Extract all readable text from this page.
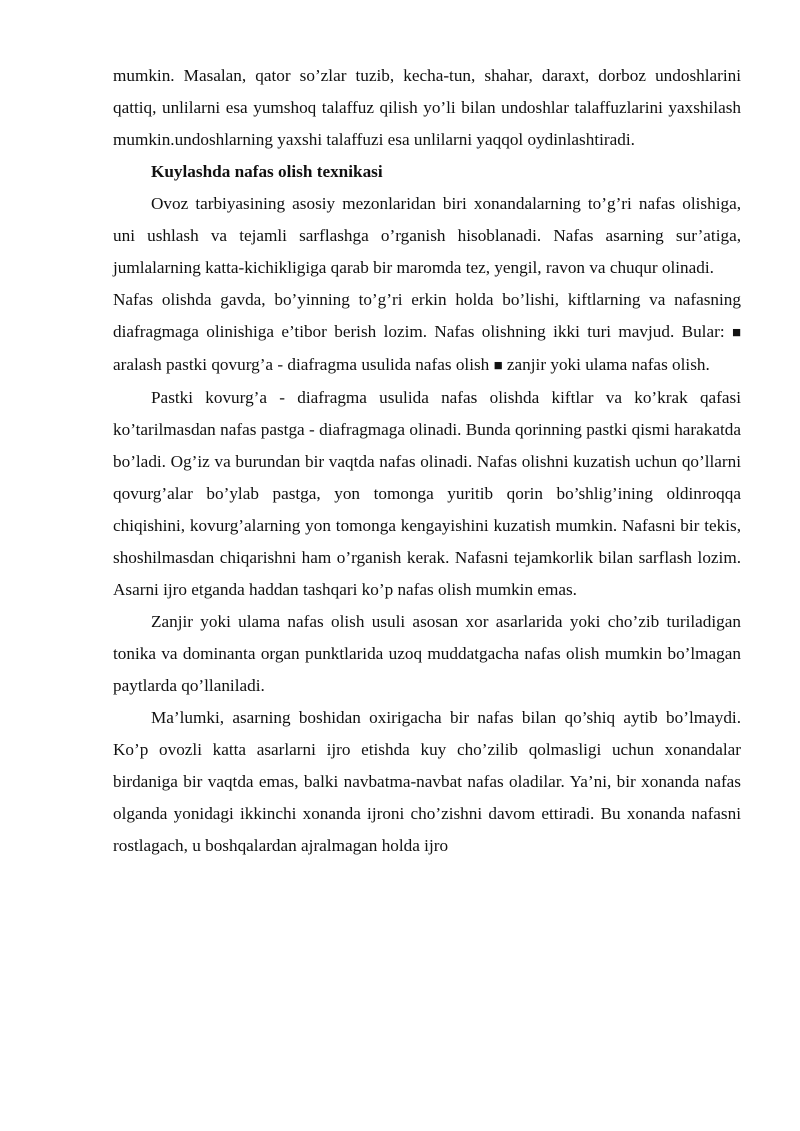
mumkin. Masalan, qator so’zlar tuzib, kecha-tun, shahar, daraxt, dorboz undoshlarini qattiq, unlilarni esa yumshoq talaffuz qilish yo’li bilan undoshlar talaffuzlarini yaxshilash mumkin.undoshlarning yaxshi talaffuzi esa unlilarni yaqqol oydinlashtiradi.

Kuylashda nafas olish texnikasi

Ovoz tarbiyasining asosiy mezonlaridan biri xonandalarning to’g’ri nafas olishiga, uni ushlash va tejamli sarflashga o’rganish hisoblanadi. Nafas asarning sur’atiga, jumlalarning katta-kichikligiga qarab bir maromda tez, yengil, ravon va chuqur olinadi.

Nafas olishda gavda, bo’yinning to’g’ri erkin holda bo’lishi, kiftlarning va nafasning diafragmaga olinishiga e’tibor berish lozim. Nafas olishning ikki turi mavjud. Bular: ■ aralash pastki qovurg’a - diafragma usulida nafas olish ■ zanjir yoki ulama nafas olish.

Pastki kovurg’a - diafragma usulida nafas olishda kiftlar va ko’krak qafasi ko’tarilmasdan nafas pastga - diafragmaga olinadi. Bunda qorinning pastki qismi harakatda bo’ladi. Og’iz va burundan bir vaqtda nafas olinadi. Nafas olishni kuzatish uchun qo’llarni qovurg’alar bo’ylab pastga, yon tomonga yuritib qorin bo’shlig’ining oldinroqqa chiqishini, kovurg’alarning yon tomonga kengayishini kuzatish mumkin. Nafasni bir tekis, shoshilmasdan chiqarishni ham o’rganish kerak. Nafasni tejamkorlik bilan sarflash lozim. Asarni ijro etganda haddan tashqari ko’p nafas olish mumkin emas.

Zanjir yoki ulama nafas olish usuli asosan xor asarlarida yoki cho’zib turiladigan tonika va dominanta organ punktlarida uzoq muddatgacha nafas olish mumkin bo’lmagan paytlarda qo’llaniladi.

Ma’lumki, asarning boshidan oxirigacha bir nafas bilan qo’shiq aytib bo’lmaydi. Ko’p ovozli katta asarlarni ijro etishda kuy cho’zilib qolmasligi uchun xonandalar birdaniga bir vaqtda emas, balki navbatma-navbat nafas oladilar. Ya’ni, bir xonanda nafas olganda yonidagi ikkinchi xonanda ijroni cho’zishni davom ettiradi. Bu xonanda nafasni rostlagach, u boshqalardan ajralmagan holda ijro
